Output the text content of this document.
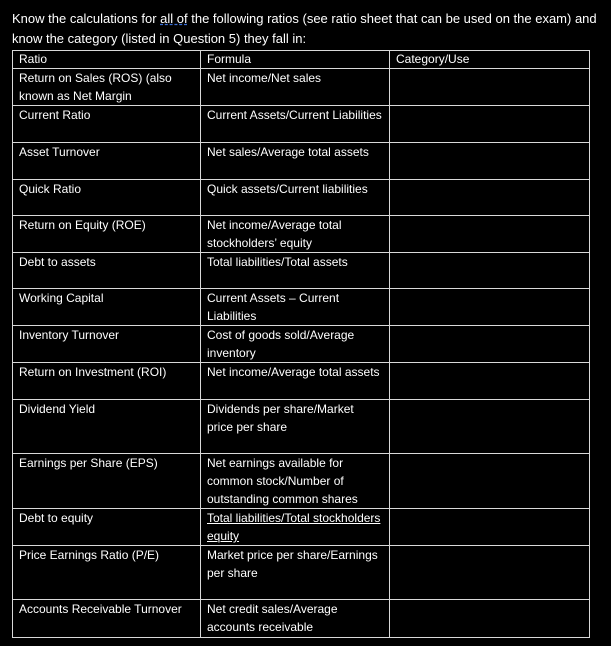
Know the calculations for all of the following ratios (see ratio sheet that can be used on the exam) and know the category (listed in Question 5) they fall in:

Ratio	Formula	Category/Use
Return on Sales (ROS) (also known as Net Margin	Net income/Net sales	
Current Ratio	Current Assets/Current Liabilities	
Asset Turnover	Net sales/Average total assets	
Quick Ratio	Quick assets/Current liabilities	
Return on Equity (ROE)	Net income/Average total stockholders’ equity	
Debt to assets	Total liabilities/Total assets	
Working Capital	Current Assets – Current Liabilities	
Inventory Turnover	Cost of goods sold/Average inventory	
Return on Investment (ROI)	Net income/Average total assets	
Dividend Yield	Dividends per share/Market price per share	
Earnings per Share (EPS)	Net earnings available for common stock/Number of outstanding common shares	
Debt to equity	Total liabilities/Total stockholders equity	
Price Earnings Ratio (P/E)	Market price per share/Earnings per share	
Accounts Receivable Turnover	Net credit sales/Average accounts receivable	
